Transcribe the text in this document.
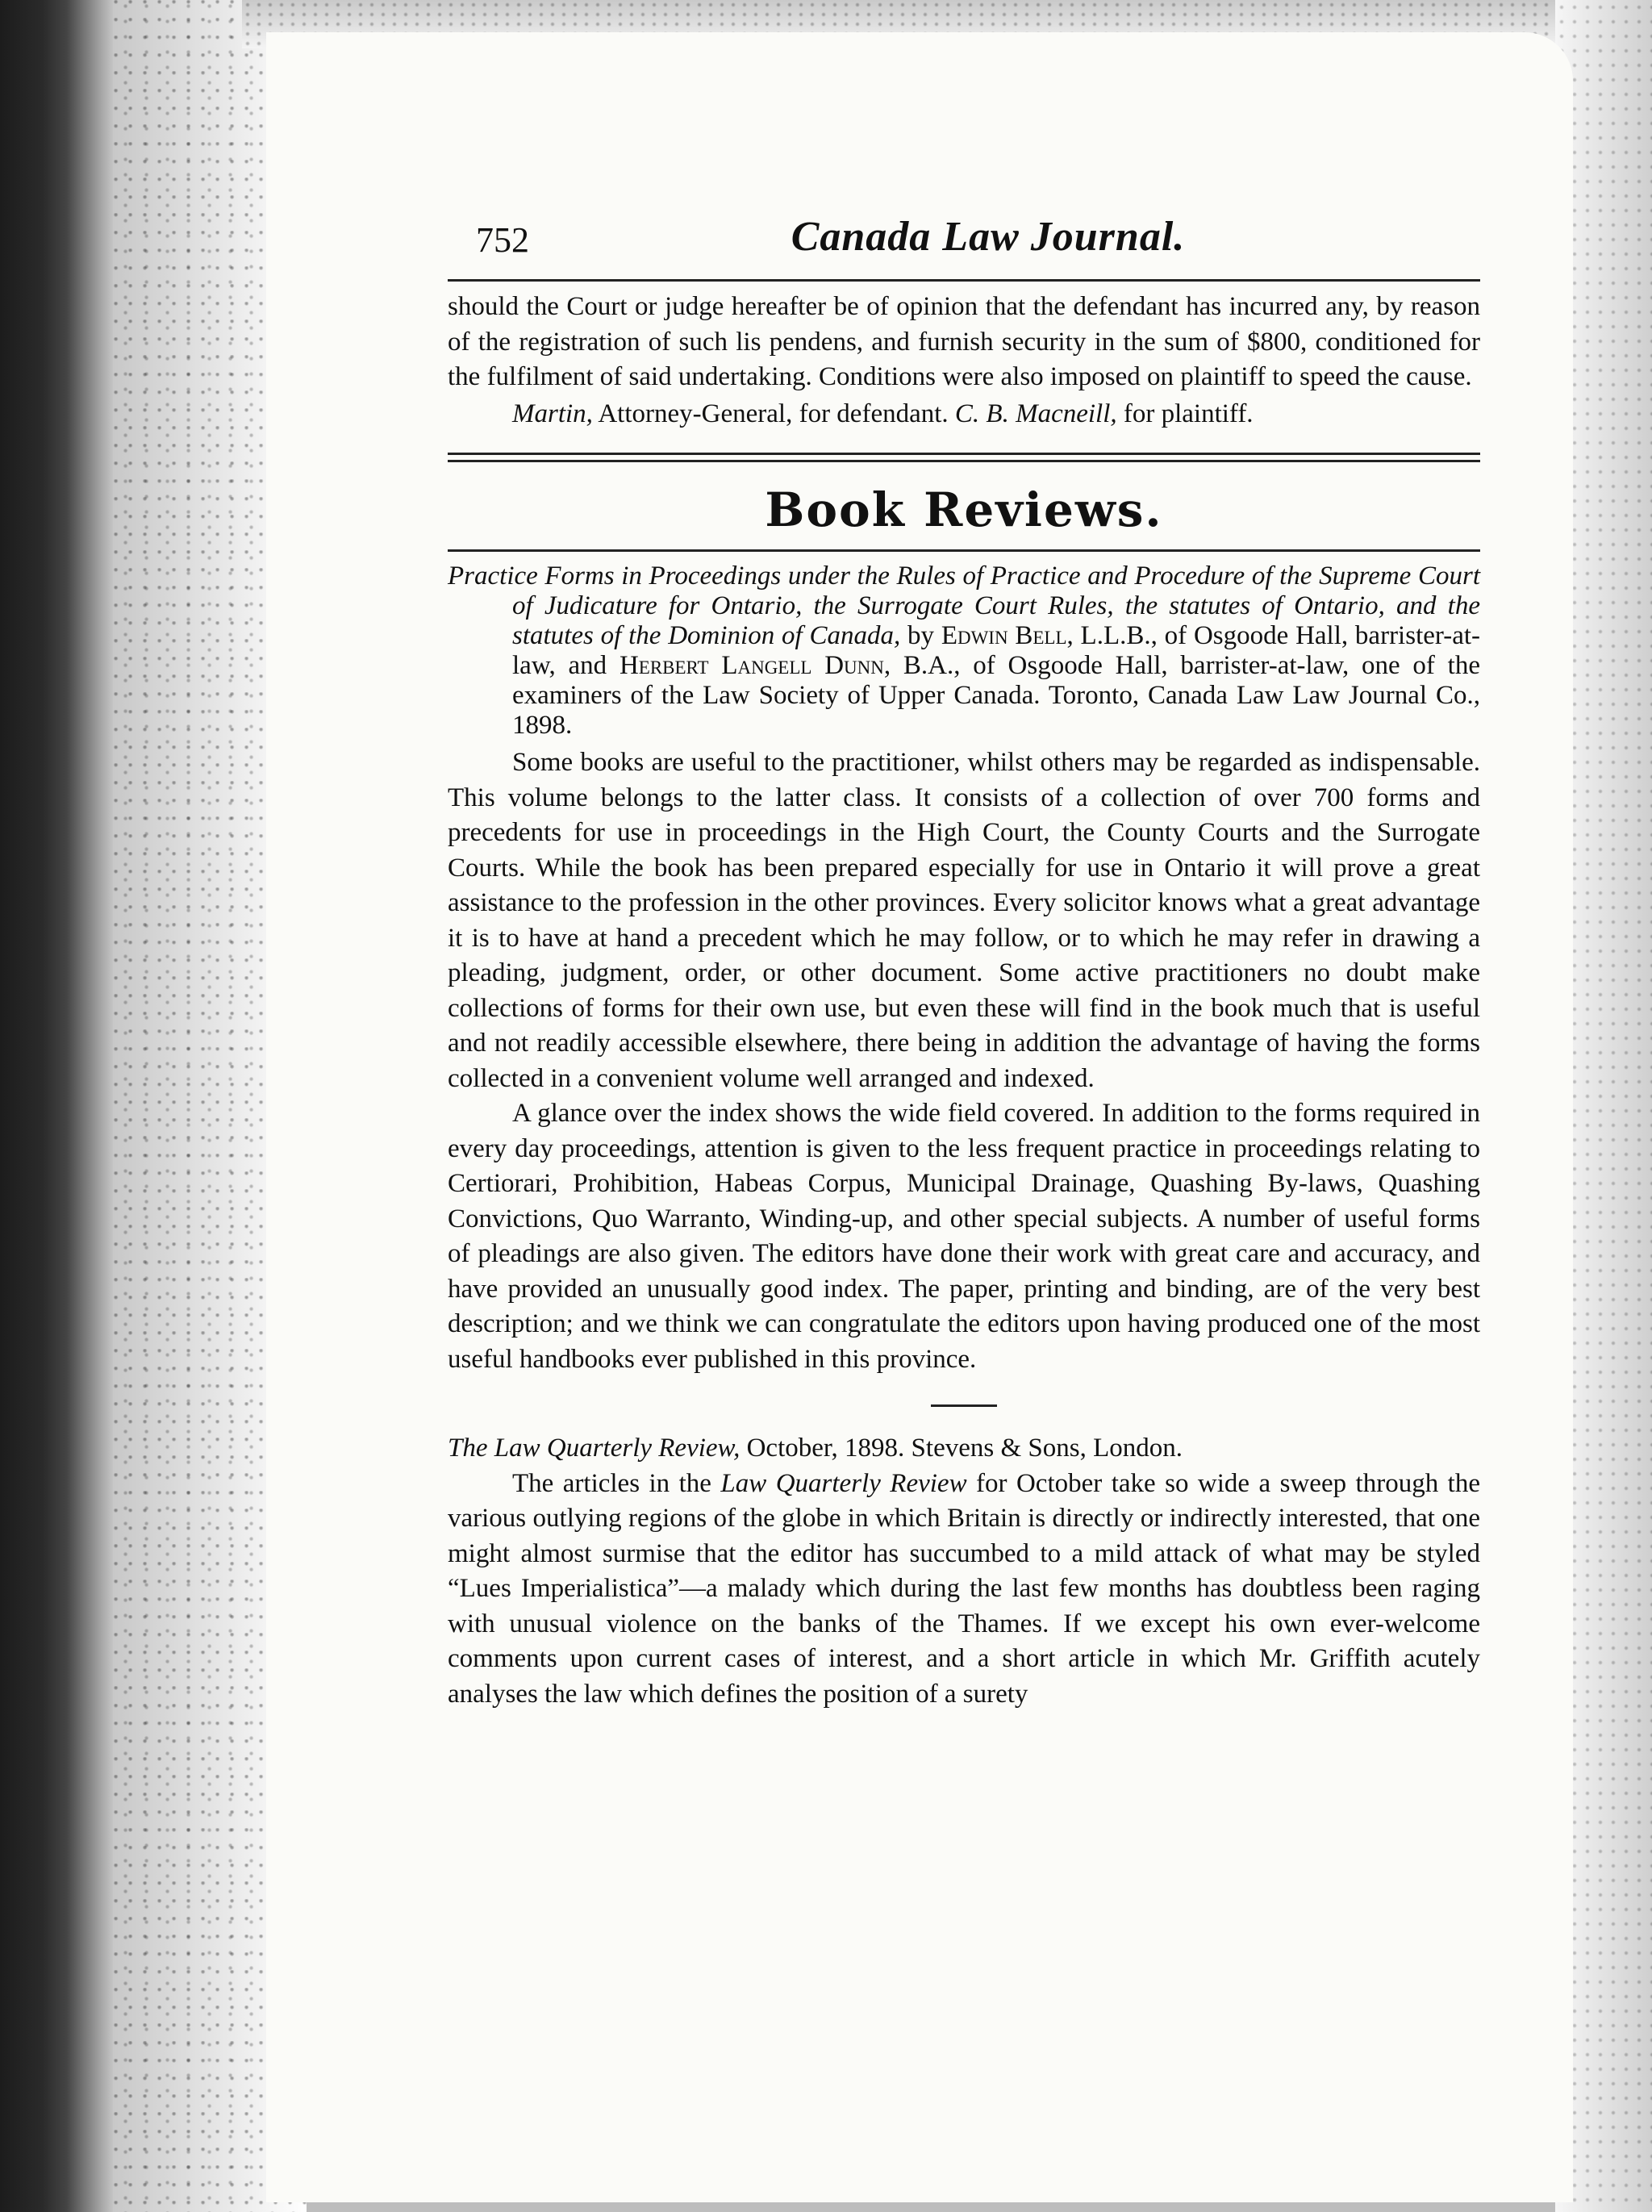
752	Canada Law Journal.

should the Court or judge hereafter be of opinion that the defendant has incurred any, by reason of the registration of such lis pendens, and furnish security in the sum of $800, conditioned for the fulfilment of said undertaking. Conditions were also imposed on plaintiff to speed the cause.

Martin, Attorney-General, for defendant. C. B. Macneill, for plaintiff.

Book Reviews.

Practice Forms in Proceedings under the Rules of Practice and Procedure of the Supreme Court of Judicature for Ontario, the Surrogate Court Rules, the statutes of Ontario, and the statutes of the Dominion of Canada, by Edwin Bell, L.L.B., of Osgoode Hall, barrister-at-law, and Herbert Langell Dunn, B.A., of Osgoode Hall, barrister-at-law, one of the examiners of the Law Society of Upper Canada. Toronto, Canada Law Law Journal Co., 1898.

Some books are useful to the practitioner, whilst others may be regarded as indispensable. This volume belongs to the latter class. It consists of a collection of over 700 forms and precedents for use in proceedings in the High Court, the County Courts and the Surrogate Courts. While the book has been prepared especially for use in Ontario it will prove a great assistance to the profession in the other provinces. Every solicitor knows what a great advantage it is to have at hand a precedent which he may follow, or to which he may refer in drawing a pleading, judgment, order, or other document. Some active practitioners no doubt make collections of forms for their own use, but even these will find in the book much that is useful and not readily accessible elsewhere, there being in addition the advantage of having the forms collected in a convenient volume well arranged and indexed.

A glance over the index shows the wide field covered. In addition to the forms required in every day proceedings, attention is given to the less frequent practice in proceedings relating to Certiorari, Prohibition, Habeas Corpus, Municipal Drainage, Quashing By-laws, Quashing Convictions, Quo Warranto, Winding-up, and other special subjects. A number of useful forms of pleadings are also given. The editors have done their work with great care and accuracy, and have provided an unusually good index. The paper, printing and binding, are of the very best description; and we think we can congratulate the editors upon having produced one of the most useful handbooks ever published in this province.

The Law Quarterly Review, October, 1898. Stevens & Sons, London.

The articles in the Law Quarterly Review for October take so wide a sweep through the various outlying regions of the globe in which Britain is directly or indirectly interested, that one might almost surmise that the editor has succumbed to a mild attack of what may be styled “Lues Imperialistica”—a malady which during the last few months has doubtless been raging with unusual violence on the banks of the Thames. If we except his own ever-welcome comments upon current cases of interest, and a short article in which Mr. Griffith acutely analyses the law which defines the position of a surety
